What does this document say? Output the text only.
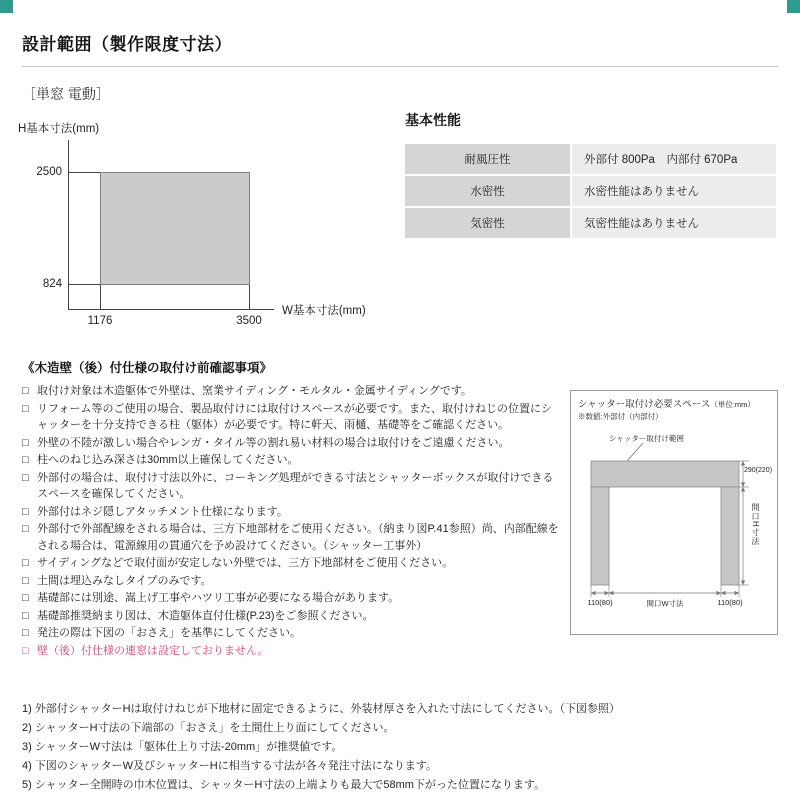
設計範囲（製作限度寸法）
［単窓 電動］
H基本寸法(mm)
2500
824
1176	3500
W基本寸法(mm)
基本性能
耐風圧性	外部付 800Pa　内部付 670Pa
水密性	水密性能はありません
気密性	気密性能はありません
《木造壁（後）付仕様の取付け前確認事項》
□ 取付け対象は木造躯体で外壁は、窯業サイディング・モルタル・金属サイディングです。
□ リフォーム等のご使用の場合、製品取付けには取付けスペースが必要です。また、取付けねじの位置にシャッターを十分支持できる柱（躯体）が必要です。特に軒天、雨樋、基礎等をご確認ください。
□ 外壁の不陸が激しい場合やレンガ・タイル等の割れ易い材料の場合は取付けをご遠慮ください。
□ 柱へのねじ込み深さは30mm以上確保してください。
□ 外部付の場合は、取付け寸法以外に、コーキング処理ができる寸法とシャッターボックスが取付けできるスペースを確保してください。
□ 外部付はネジ隠しアタッチメント仕様になります。
□ 外部付で外部配線をされる場合は、三方下地部材をご使用ください。（納まり図P.41参照）尚、内部配線をされる場合は、電源線用の貫通穴を予め設けてください。（シャッター工事外）
□ サイディングなどで取付面が安定しない外壁では、三方下地部材をご使用ください。
□ 土間は埋込みなしタイプのみです。
□ 基礎部には別途、嵩上げ工事やハツリ工事が必要になる場合があります。
□ 基礎部推奨納まり図は、木造躯体直付仕様(P.23)をご参照ください。
□ 発注の際は下図の「おさえ」を基準にしてください。
□ 壁（後）付仕様の連窓は設定しておりません。
シャッター取付け必要スペース（単位:mm）
※数値:外部付（内部付）
シャッター取付け範囲
290(220)
開口H寸法
110(80)	開口W寸法	110(80)
1) 外部付シャッターHは取付けねじが下地材に固定できるように、外装材厚さを入れた寸法にしてください。（下図参照）
2) シャッターH寸法の下端部の「おさえ」を土間仕上り面にしてください。
3) シャッターW寸法は「躯体仕上り寸法-20mm」が推奨値です。
4) 下図のシャッターW及びシャッターHに相当する寸法が各々発注寸法になります。
5) シャッター全開時の巾木位置は、シャッターH寸法の上端よりも最大で58mm下がった位置になります。
